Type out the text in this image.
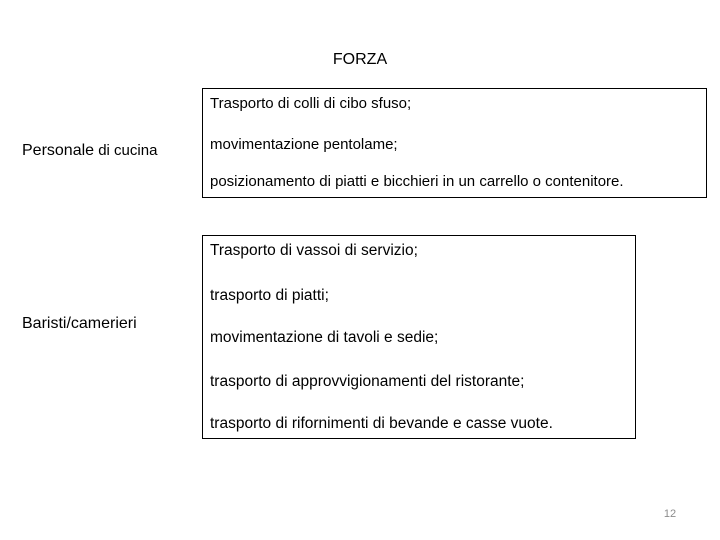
FORZA
Personale di cucina
Trasporto di colli di cibo sfuso;
movimentazione pentolame;
posizionamento di piatti e bicchieri in un carrello o contenitore.
Baristi/camerieri
Trasporto di vassoi di servizio;
trasporto di piatti;
movimentazione di tavoli e sedie;
trasporto di approvvigionamenti del ristorante;
trasporto di rifornimenti di bevande e casse vuote.
12
